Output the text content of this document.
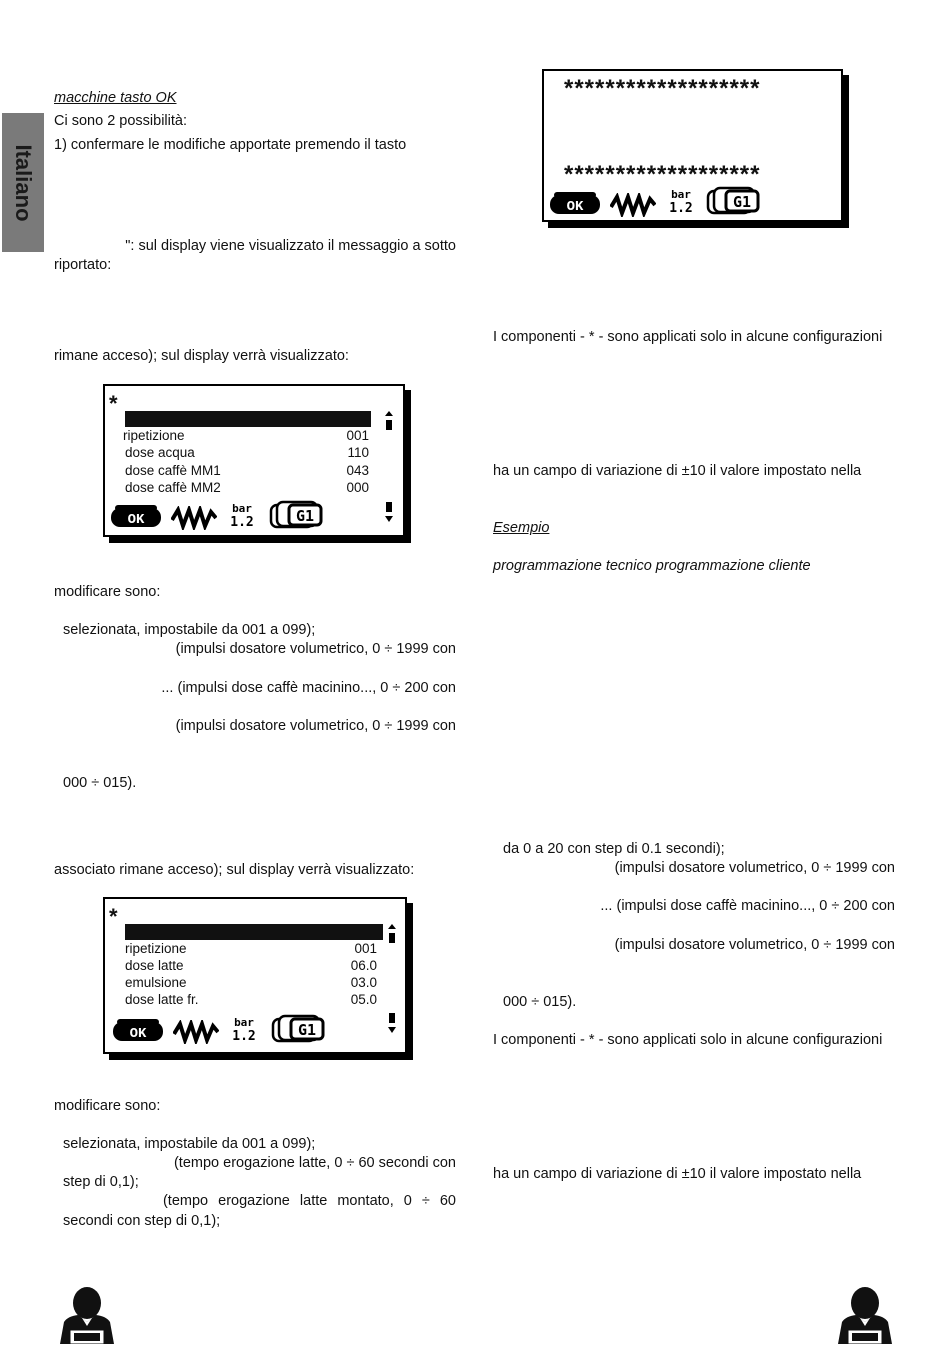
Italiano
macchine tasto OK
Ci sono 2 possibilità:
1) confermare le modifiche apportate premendo il tasto
": sul display viene visualizzato il messaggio a sotto
riportato:
rimane acceso); sul display verrà visualizzato:
*
ripetizione	001
dose acqua	110
dose caffè MM1	043
dose caffè MM2	000
OK
bar
1.2	G1
modificare sono:
selezionata, impostabile da 001 a 099);
(impulsi dosatore volumetrico, 0 ÷ 1999 con
... (impulsi dose caffè macinino..., 0 ÷ 200 con
(impulsi dosatore volumetrico, 0 ÷ 1999 con
000 ÷ 015).
associato rimane acceso); sul display verrà visualizzato:
*
ripetizione	001
dose latte	06.0
emulsione	03.0
dose latte fr.	05.0
OK
bar
1.2	G1
modificare sono:
selezionata, impostabile da 001 a 099);
(tempo erogazione latte, 0 ÷ 60 secondi con
step di 0,1);
(tempo erogazione latte montato, 0 ÷ 60
secondi con step di 0,1);
*******************
*******************
OK
bar
1.2	G1
I componenti - * - sono applicati solo in alcune configurazioni
ha un campo di variazione di ±10 il valore impostato nella
Esempio
programmazione tecnico programmazione cliente
da 0 a 20 con step di 0.1 secondi);
(impulsi dosatore volumetrico, 0 ÷ 1999 con
... (impulsi dose caffè macinino..., 0 ÷ 200 con
(impulsi dosatore volumetrico, 0 ÷ 1999 con
000 ÷ 015).
I componenti - * - sono applicati solo in alcune configurazioni
ha un campo di variazione di ±10 il valore impostato nella
